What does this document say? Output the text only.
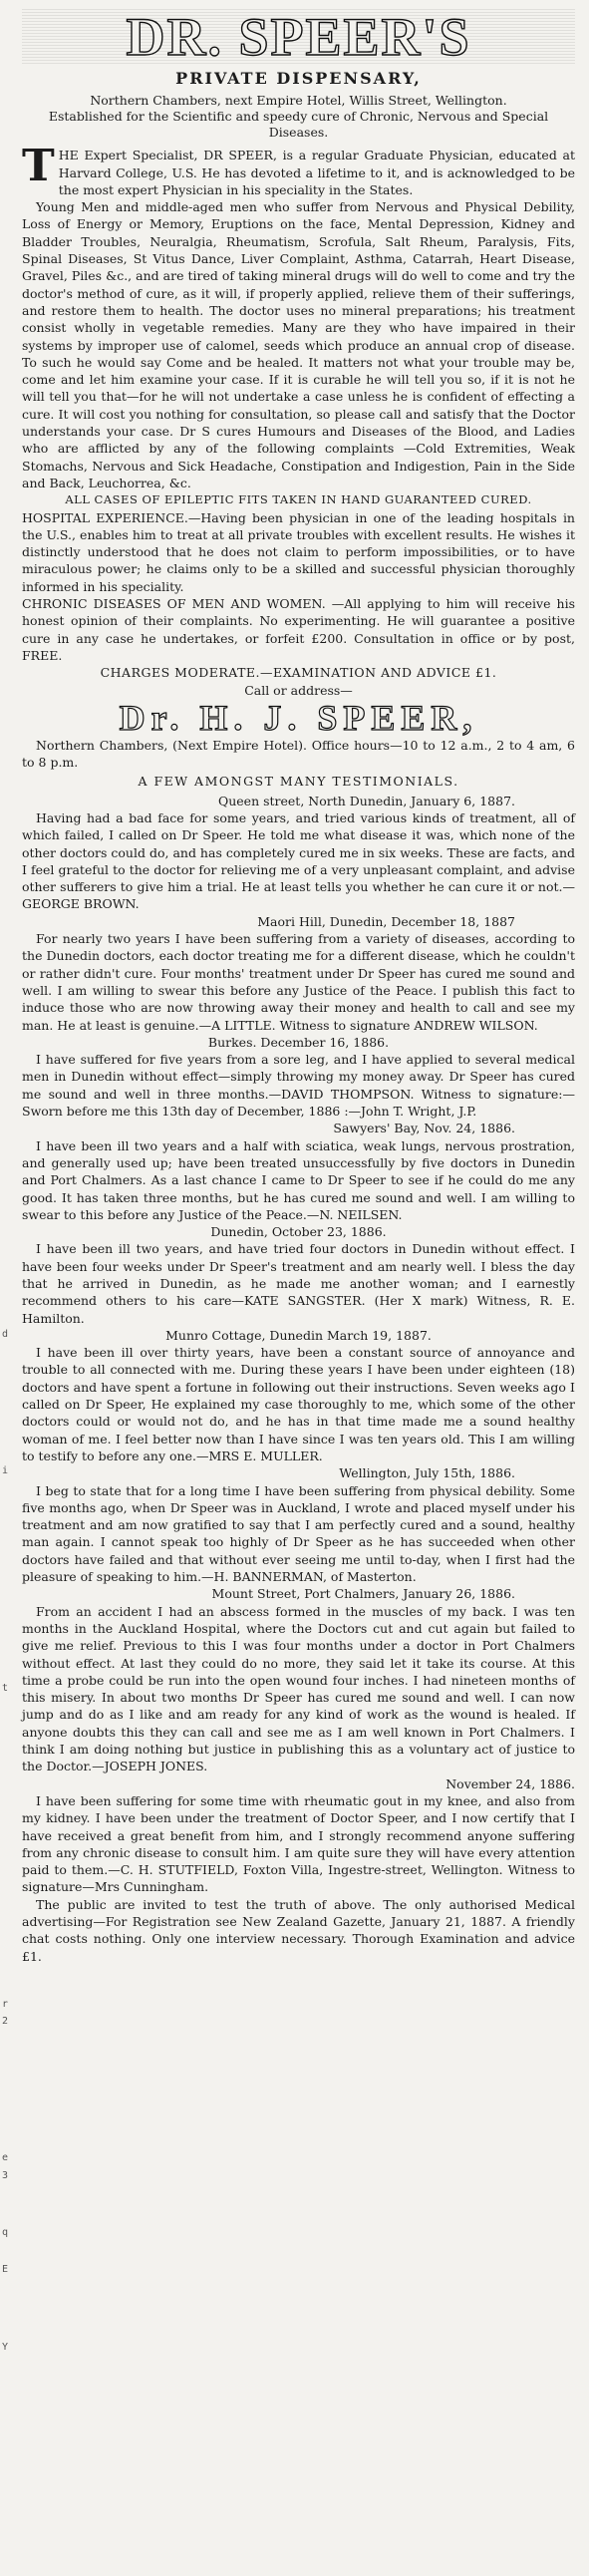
d
i
t
r
2
e
3
q
E
Y
DR. SPEER'S
PRIVATE DISPENSARY,
Northern Chambers, next Empire Hotel, Willis Street, Wellington.
Established for the Scientific and speedy cure of Chronic, Nervous and Special Diseases.

THE Expert Specialist, DR SPEER, is a regular Graduate Physician, educated at Harvard College, U.S. He has devoted a lifetime to it, and is acknowledged to be the most expert Physician in his speciality in the States.

Young Men and middle-aged men who suffer from Nervous and Physical Debility, Loss of Energy or Memory, Eruptions on the face, Mental Depression, Kidney and Bladder Troubles, Neuralgia, Rheumatism, Scrofula, Salt Rheum, Paralysis, Fits, Spinal Diseases, St Vitus Dance, Liver Complaint, Asthma, Catarrah, Heart Disease, Gravel, Piles &c., and are tired of taking mineral drugs will do well to come and try the doctor's method of cure, as it will, if properly applied, relieve them of their sufferings, and restore them to health. The doctor uses no mineral preparations; his treatment consist wholly in vegetable remedies. Many are they who have impaired in their systems by improper use of calomel, seeds which produce an annual crop of disease. To such he would say Come and be healed. It matters not what your trouble may be, come and let him examine your case. If it is curable he will tell you so, if it is not he will tell you that—for he will not undertake a case unless he is confident of effecting a cure. It will cost you nothing for consultation, so please call and satisfy that the Doctor understands your case. Dr S cures Humours and Diseases of the Blood, and Ladies who are afflicted by any of the following complaints —Cold Extremities, Weak Stomachs, Nervous and Sick Headache, Constipation and Indigestion, Pain in the Side and Back, Leuchorrea, &c.

ALL CASES OF EPILEPTIC FITS TAKEN IN HAND GUARANTEED CURED.

HOSPITAL EXPERIENCE.—Having been physician in one of the leading hospitals in the U.S., enables him to treat at all private troubles with excellent results. He wishes it distinctly understood that he does not claim to perform impossibilities, or to have miraculous power; he claims only to be a skilled and successful physician thoroughly informed in his speciality.

CHRONIC DISEASES OF MEN AND WOMEN. —All applying to him will receive his honest opinion of their complaints. No experimenting. He will guarantee a positive cure in any case he undertakes, or forfeit £200. Consultation in office or by post, FREE.

CHARGES MODERATE.—EXAMINATION AND ADVICE £1.

Call or address—

Dr. H. J. SPEER,

Northern Chambers, (Next Empire Hotel). Office hours—10 to 12 a.m., 2 to 4 am, 6 to 8 p.m.

A FEW AMONGST MANY TESTIMONIALS.

Queen street, North Dunedin, January 6, 1887.

Having had a bad face for some years, and tried various kinds of treatment, all of which failed, I called on Dr Speer. He told me what disease it was, which none of the other doctors could do, and has completely cured me in six weeks. These are facts, and I feel grateful to the doctor for relieving me of a very unpleasant complaint, and advise other sufferers to give him a trial. He at least tells you whether he can cure it or not.—GEORGE BROWN.

Maori Hill, Dunedin, December 18, 1887

For nearly two years I have been suffering from a variety of diseases, according to the Dunedin doctors, each doctor treating me for a different disease, which he couldn't or rather didn't cure. Four months' treatment under Dr Speer has cured me sound and well. I am willing to swear this before any Justice of the Peace. I publish this fact to induce those who are now throwing away their money and health to call and see my man. He at least is genuine.—A LITTLE. Witness to signature ANDREW WILSON.

Burkes. December 16, 1886.

I have suffered for five years from a sore leg, and I have applied to several medical men in Dunedin without effect—simply throwing my money away. Dr Speer has cured me sound and well in three months.—DAVID THOMPSON. Witness to signature:—Sworn before me this 13th day of December, 1886 :—John T. Wright, J.P.

Sawyers' Bay, Nov. 24, 1886.

I have been ill two years and a half with sciatica, weak lungs, nervous prostration, and generally used up; have been treated unsuccessfully by five doctors in Dunedin and Port Chalmers. As a last chance I came to Dr Speer to see if he could do me any good. It has taken three months, but he has cured me sound and well. I am willing to swear to this before any Justice of the Peace.—N. NEILSEN.

Dunedin, October 23, 1886.

I have been ill two years, and have tried four doctors in Dunedin without effect. I have been four weeks under Dr Speer's treatment and am nearly well. I bless the day that he arrived in Dunedin, as he made me another woman; and I earnestly recommend others to his care—KATE SANGSTER. (Her X mark) Witness, R. E. Hamilton.

Munro Cottage, Dunedin March 19, 1887.

I have been ill over thirty years, have been a constant source of annoyance and trouble to all connected with me. During these years I have been under eighteen (18) doctors and have spent a fortune in following out their instructions. Seven weeks ago I called on Dr Speer, He explained my case thoroughly to me, which some of the other doctors could or would not do, and he has in that time made me a sound healthy woman of me. I feel better now than I have since I was ten years old. This I am willing to testify to before any one.—MRS E. MULLER.

Wellington, July 15th, 1886.

I beg to state that for a long time I have been suffering from physical debility. Some five months ago, when Dr Speer was in Auckland, I wrote and placed myself under his treatment and am now gratified to say that I am perfectly cured and a sound, healthy man again. I cannot speak too highly of Dr Speer as he has succeeded when other doctors have failed and that without ever seeing me until to-day, when I first had the pleasure of speaking to him.—H. BANNERMAN, of Masterton.

Mount Street, Port Chalmers, January 26, 1886.

From an accident I had an abscess formed in the muscles of my back. I was ten months in the Auckland Hospital, where the Doctors cut and cut again but failed to give me relief. Previous to this I was four months under a doctor in Port Chalmers without effect. At last they could do no more, they said let it take its course. At this time a probe could be run into the open wound four inches. I had nineteen months of this misery. In about two months Dr Speer has cured me sound and well. I can now jump and do as I like and am ready for any kind of work as the wound is healed. If anyone doubts this they can call and see me as I am well known in Port Chalmers. I think I am doing nothing but justice in publishing this as a voluntary act of justice to the Doctor.—JOSEPH JONES.

November 24, 1886.

I have been suffering for some time with rheumatic gout in my knee, and also from my kidney. I have been under the treatment of Doctor Speer, and I now certify that I have received a great benefit from him, and I strongly recommend anyone suffering from any chronic disease to consult him. I am quite sure they will have every attention paid to them.—C. H. STUTFIELD, Foxton Villa, Ingestre-street, Wellington. Witness to signature—Mrs Cunningham.

The public are invited to test the truth of above. The only authorised Medical advertising—For Registration see New Zealand Gazette, January 21, 1887. A friendly chat costs nothing. Only one interview necessary. Thorough Examination and advice £1.
